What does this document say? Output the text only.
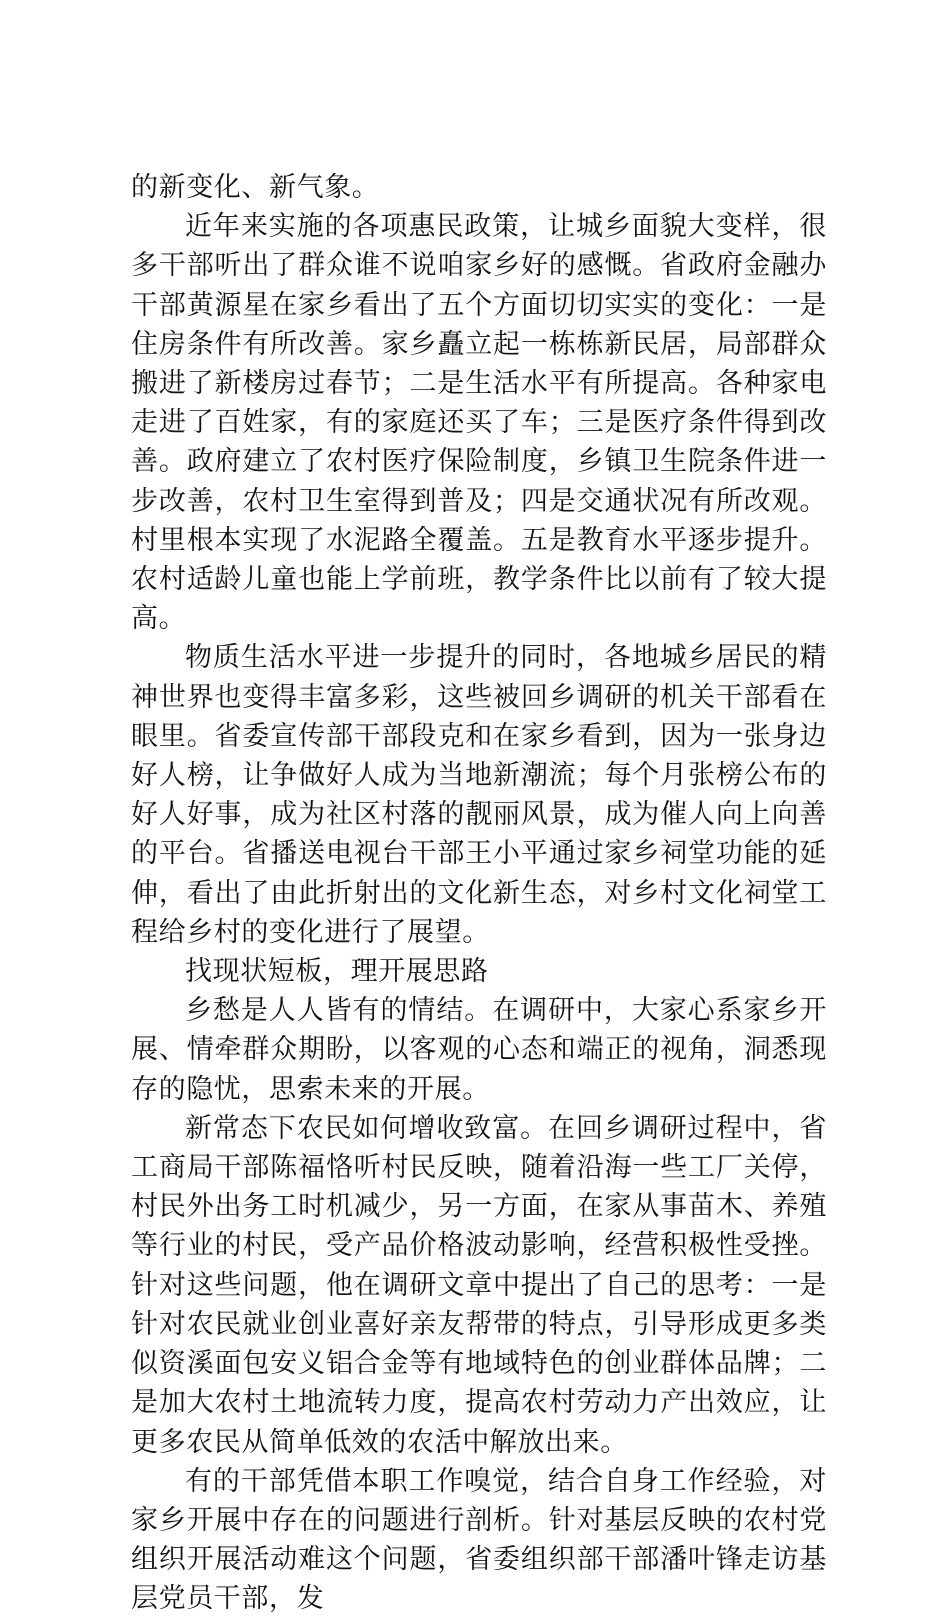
的新变化、新气象。

近年来实施的各项惠民政策，让城乡面貌大变样，很多干部听出了群众谁不说咱家乡好的感慨。省政府金融办干部黄源星在家乡看出了五个方面切切实实的变化：一是住房条件有所改善。家乡矗立起一栋栋新民居，局部群众搬进了新楼房过春节；二是生活水平有所提高。各种家电走进了百姓家，有的家庭还买了车；三是医疗条件得到改善。政府建立了农村医疗保险制度，乡镇卫生院条件进一步改善，农村卫生室得到普及；四是交通状况有所改观。村里根本实现了水泥路全覆盖。五是教育水平逐步提升。农村适龄儿童也能上学前班，教学条件比以前有了较大提高。

物质生活水平进一步提升的同时，各地城乡居民的精神世界也变得丰富多彩，这些被回乡调研的机关干部看在眼里。省委宣传部干部段克和在家乡看到，因为一张身边好人榜，让争做好人成为当地新潮流；每个月张榜公布的好人好事，成为社区村落的靓丽风景，成为催人向上向善的平台。省播送电视台干部王小平通过家乡祠堂功能的延伸，看出了由此折射出的文化新生态，对乡村文化祠堂工程给乡村的变化进行了展望。

找现状短板，理开展思路

乡愁是人人皆有的情结。在调研中，大家心系家乡开展、情牵群众期盼，以客观的心态和端正的视角，洞悉现存的隐忧，思索未来的开展。

新常态下农民如何增收致富。在回乡调研过程中，省工商局干部陈福恪听村民反映，随着沿海一些工厂关停，村民外出务工时机减少，另一方面，在家从事苗木、养殖等行业的村民，受产品价格波动影响，经营积极性受挫。针对这些问题，他在调研文章中提出了自己的思考：一是针对农民就业创业喜好亲友帮带的特点，引导形成更多类似资溪面包安义铝合金等有地域特色的创业群体品牌；二是加大农村土地流转力度，提高农村劳动力产出效应，让更多农民从简单低效的农活中解放出来。

有的干部凭借本职工作嗅觉，结合自身工作经验，对家乡开展中存在的问题进行剖析。针对基层反映的农村党组织开展活动难这个问题，省委组织部干部潘叶锋走访基层党员干部，发
